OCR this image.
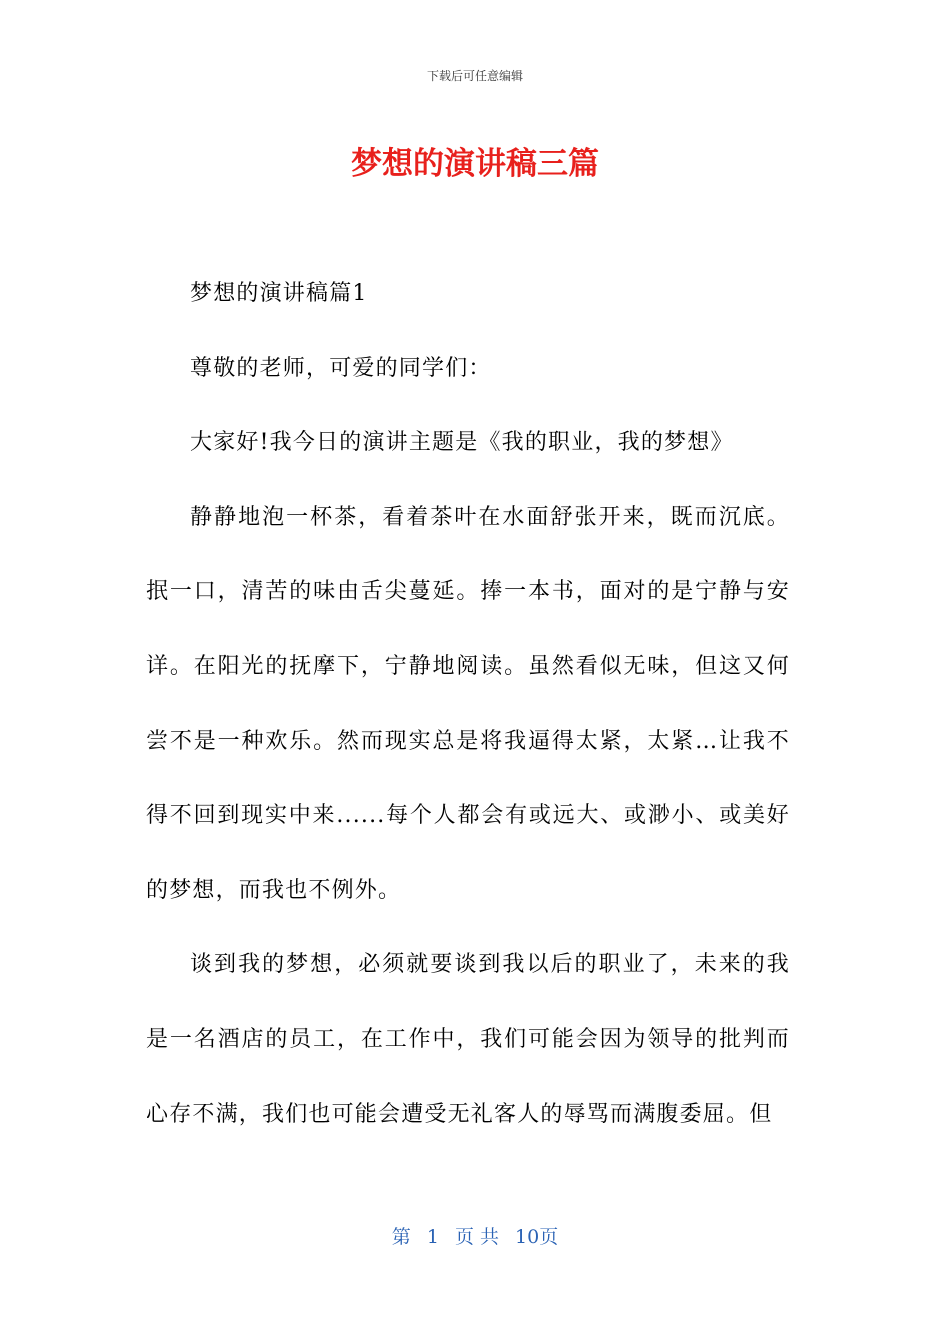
下载后可任意编辑
梦想的演讲稿三篇

梦想的演讲稿篇1

尊敬的老师，可爱的同学们：

大家好!我今日的演讲主题是《我的职业，我的梦想》

静静地泡一杯茶，看着茶叶在水面舒张开来，既而沉底。抿一口，清苦的味由舌尖蔓延。捧一本书，面对的是宁静与安详。在阳光的抚摩下，宁静地阅读。虽然看似无味，但这又何尝不是一种欢乐。然而现实总是将我逼得太紧，太紧…让我不得不回到现实中来......每个人都会有或远大、或渺小、或美好的梦想，而我也不例外。

谈到我的梦想，必须就要谈到我以后的职业了，未来的我是一名酒店的员工，在工作中，我们可能会因为领导的批判而心存不满，我们也可能会遭受无礼客人的辱骂而满腹委屈。但

第 1 页 共 10页
